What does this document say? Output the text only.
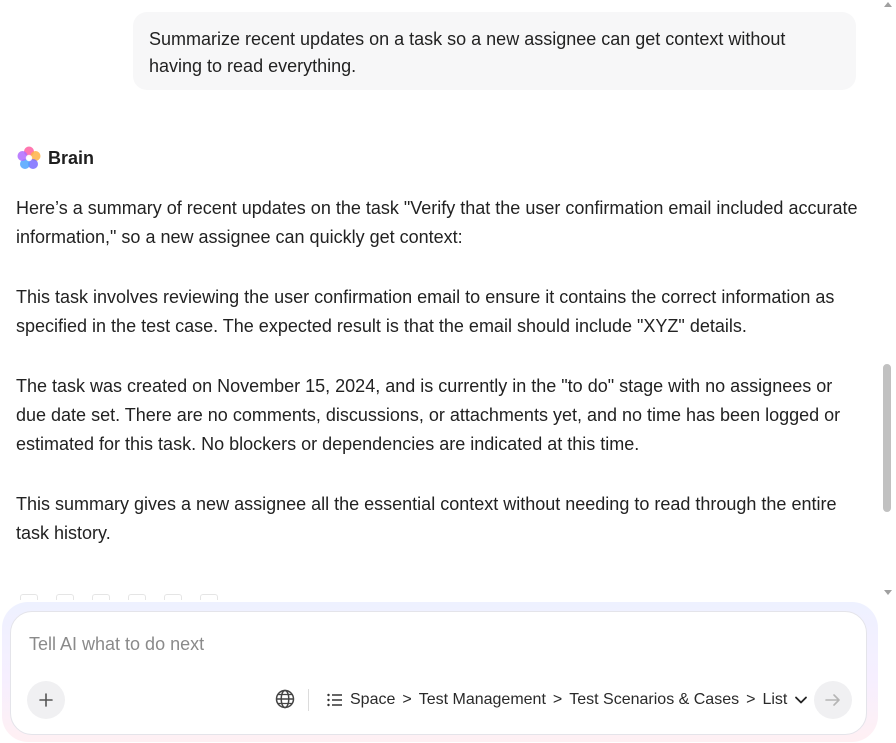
Summarize recent updates on a task so a new assignee can get context without having to read everything.
Brain

Here’s a summary of recent updates on the task "Verify that the user confirmation email included accurate information," so a new assignee can quickly get context:

This task involves reviewing the user confirmation email to ensure it contains the correct information as specified in the test case. The expected result is that the email should include "XYZ" details.

The task was created on November 15, 2024, and is currently in the "to do" stage with no assignees or due date set. There are no comments, discussions, or attachments yet, and no time has been logged or estimated for this task. No blockers or dependencies are indicated at this time.

This summary gives a new assignee all the essential context without needing to read through the entire task history.

Tell AI what to do next
Space > Test Management > Test Scenarios & Cases > List
